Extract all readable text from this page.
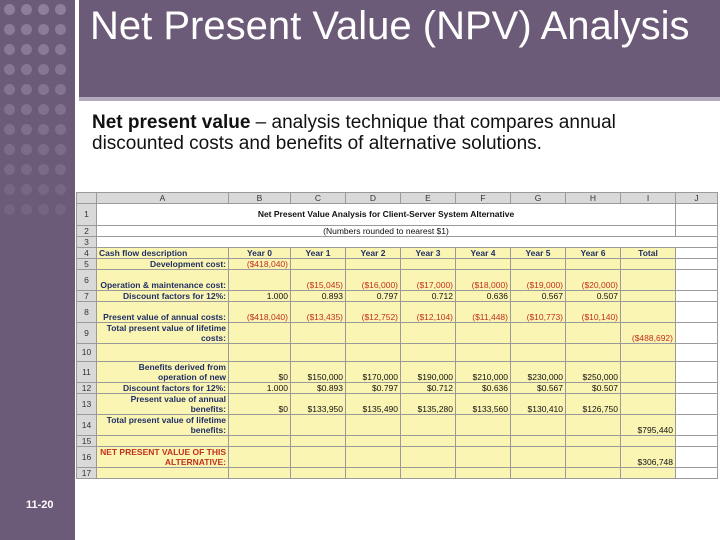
Net Present Value (NPV) Analysis
Net present value – analysis technique that compares annual discounted costs and benefits of alternative solutions.
11-20
	A	B	C	D	E	F	G	H	I	J
1	Net Present Value Analysis for Client-Server System Alternative									
2	(Numbers rounded to nearest $1)									
3										
4	Cash flow description	Year 0	Year 1	Year 2	Year 3	Year 4	Year 5	Year 6	Total	
5	Development cost:	($418,040)								
6	Operation & maintenance cost:		($15,045)	($16,000)	($17,000)	($18,000)	($19,000)	($20,000)		
7	Discount factors for 12%:	1.000	0.893	0.797	0.712	0.636	0.567	0.507		
8	Present value of annual costs:	($418,040)	($13,435)	($12,752)	($12,104)	($11,448)	($10,773)	($10,140)		
9	Total present value of lifetime costs:								($488,692)	
10										
11	Benefits derived from operation of new	$0	$150,000	$170,000	$190,000	$210,000	$230,000	$250,000		
12	Discount factors for 12%:	1.000	$0.893	$0.797	$0.712	$0.636	$0.567	$0.507		
13	Present value of annual benefits:	$0	$133,950	$135,490	$135,280	$133,560	$130,410	$126,750		
14	Total present value of lifetime benefits:								$795,440	
15										
16	NET PRESENT VALUE OF THIS ALTERNATIVE:								$306,748	
17										
